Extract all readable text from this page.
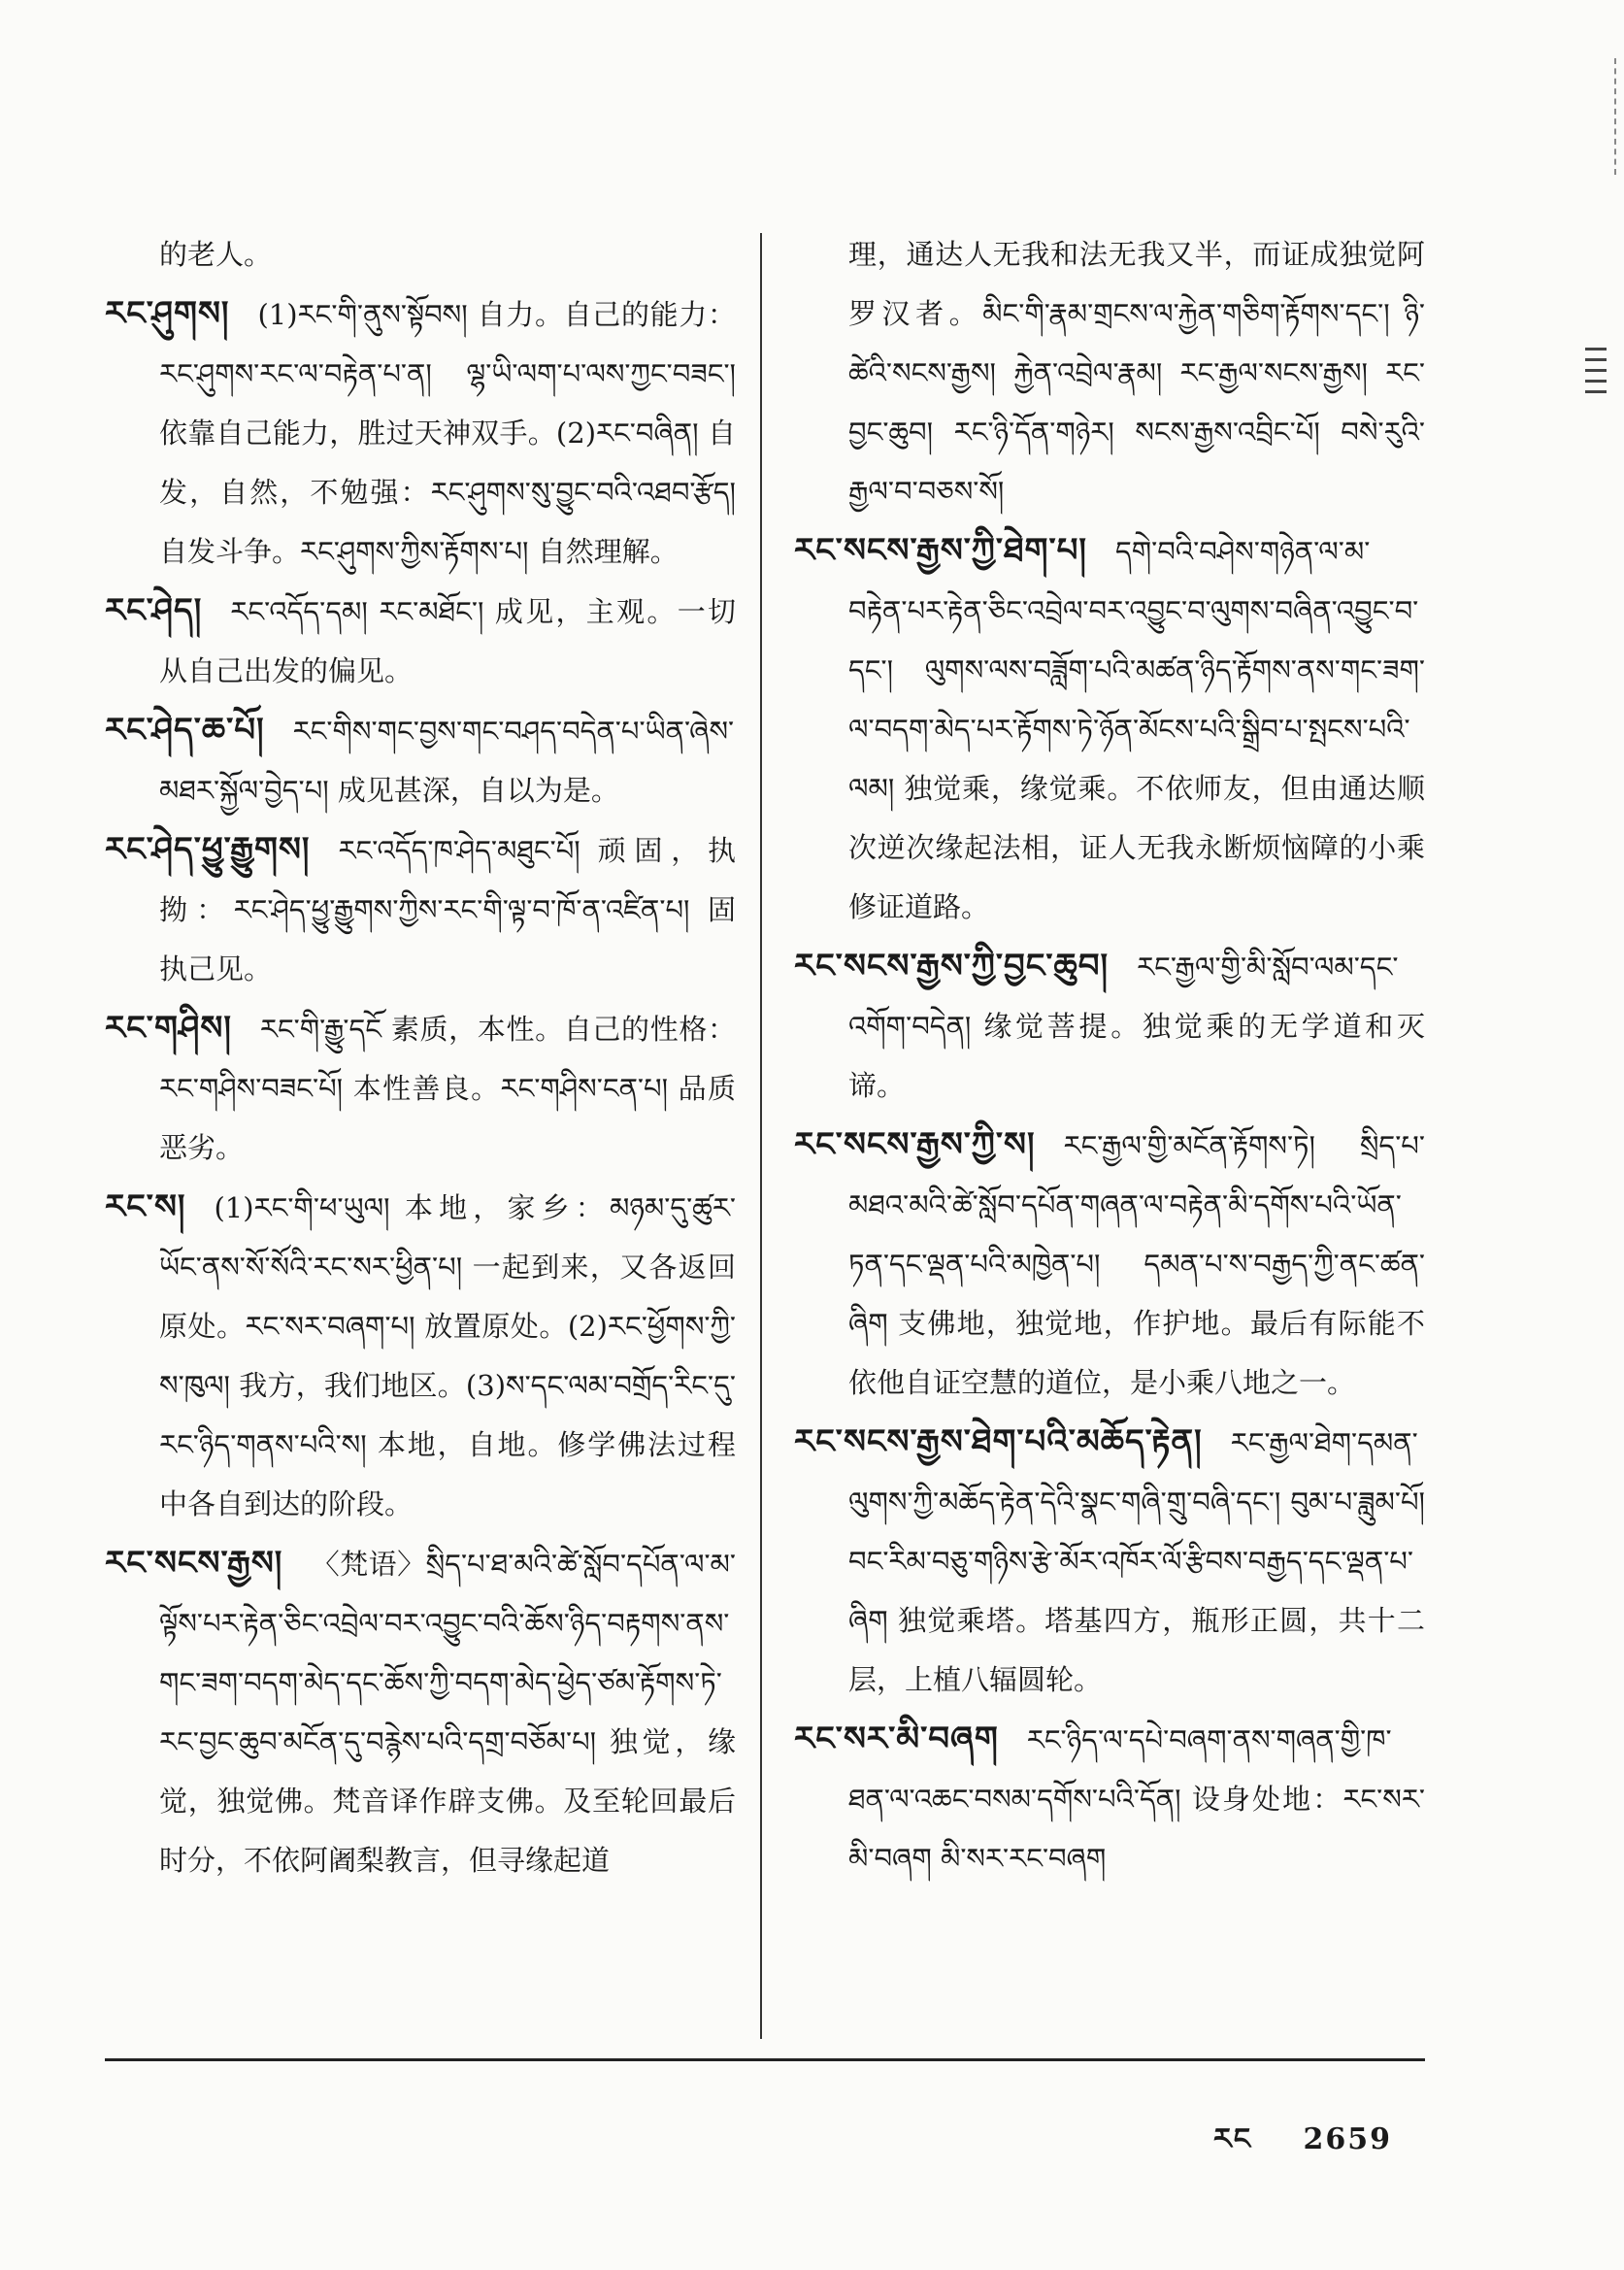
的老人。

རང་ཤུགས།  (1)རང་གི་ནུས་སྟོབས། 自力。自己的能力：རང་ཤུགས་རང་ལ་བརྟེན་པ་ན། ལྷ་ཡི་ལག་པ་ལས་ཀྱང་བཟང་། 依靠自己能力，胜过天神双手。(2)རང་བཞིན། 自发，自然，不勉强：རང་ཤུགས་སུ་བྱུང་བའི་འཐབ་རྩོད། 自发斗争。རང་ཤུགས་ཀྱིས་རྟོགས་པ། 自然理解。

རང་ཤེད།  རང་འདོད་དམ། རང་མཐོང་། 成见，主观。一切从自己出发的偏见。

རང་ཤེད་ཆ་པོ།  རང་གིས་གང་བྱས་གང་བཤད་བདེན་པ་ཡིན་ཞེས་མཐར་སྐྱོལ་བྱེད་པ། 成见甚深，自以为是。

རང་ཤེད་ཕྱུ་རྒྱུགས།  རང་འདོད་ཁ་ཤེད་མཐུང་པོ། 顽固，执拗：རང་ཤེད་ཕྱུ་རྒྱུགས་ཀྱིས་རང་གི་ལྟ་བ་ཁོ་ན་འཛིན་པ། 固执己见。

རང་གཤིས།  རང་གི་རྒྱུ་དངོ 素质，本性。自己的性格：རང་གཤིས་བཟང་པོ། 本性善良。རང་གཤིས་ངན་པ། 品质恶劣。

རང་ས།  (1)རང་གི་ཕ་ཡུལ། 本地，家乡：མཉམ་དུ་ཚུར་ཡོང་ནས་སོ་སོའི་རང་སར་ཕྱིན་པ། 一起到来，又各返回原处。རང་སར་བཞག་པ། 放置原处。(2)རང་ཕྱོགས་ཀྱི་ས་ཁུལ། 我方，我们地区。(3)ས་དང་ལམ་བགྲོད་རིང་དུ་རང་ཉིད་གནས་པའི་ས། 本地，自地。修学佛法过程中各自到达的阶段。

རང་སངས་རྒྱས།  〈梵语〉སྲིད་པ་ཐ་མའི་ཚེ་སློབ་དཔོན་ལ་མ་ལྟོས་པར་རྟེན་ཅིང་འབྲེལ་བར་འབྱུང་བའི་ཆོས་ཉིད་བརྟགས་ནས་གང་ཟག་བདག་མེད་དང་ཆོས་ཀྱི་བདག་མེད་ཕྱེད་ཙམ་རྟོགས་ཏེ་རང་བྱང་ཆུབ་མངོན་དུ་བརྙེས་པའི་དགྲ་བཅོམ་པ། 独觉，缘觉，独觉佛。梵音译作辟支佛。及至轮回最后时分，不依阿阇梨教言，但寻缘起道

理，通达人无我和法无我又半，而证成独觉阿罗汉者。མིང་གི་རྣམ་གྲངས་ལ་རྐྱེན་གཅིག་རྟོགས་དང་། ཉི་ཚེའི་སངས་རྒྱས། རྐྱེན་འབྲེལ་རྣམ། རང་རྒྱལ་སངས་རྒྱས། རང་བྱང་ཆུབ། རང་ཉི་དོན་གཉེར། སངས་རྒྱས་འབྲིང་པོ། བསེ་རུའི་རྒྱལ་བ་བཅས་སོ།

རང་སངས་རྒྱས་ཀྱི་ཐེག་པ།  དགེ་བའི་བཤེས་གཉེན་ལ་མ་བརྟེན་པར་རྟེན་ཅིང་འབྲེལ་བར་འབྱུང་བ་ལུགས་བཞིན་འབྱུང་བ་དང་། ལུགས་ལས་བཟློག་པའི་མཚན་ཉིད་རྟོགས་ནས་གང་ཟག་ལ་བདག་མེད་པར་རྟོགས་ཏེ་ཉོན་མོངས་པའི་སྒྲིབ་པ་སྤངས་པའི་ལམ། 独觉乘，缘觉乘。不依师友，但由通达顺次逆次缘起法相，证人无我永断烦恼障的小乘修证道路。

རང་སངས་རྒྱས་ཀྱི་བྱང་ཆུབ།  རང་རྒྱལ་གྱི་མི་སློབ་ལམ་དང་འགོག་བདེན། 缘觉菩提。独觉乘的无学道和灭谛。

རང་སངས་རྒྱས་ཀྱི་ས།  རང་རྒྱལ་གྱི་མངོན་རྟོགས་ཏེ། སྲིད་པ་མཐའ་མའི་ཚེ་སློབ་དཔོན་གཞན་ལ་བརྟེན་མི་དགོས་པའི་ཡོན་ཏན་དང་ལྡན་པའི་མཁྱེན་པ། དམན་པ་ས་བརྒྱད་ཀྱི་ནང་ཚན་ཞིག 支佛地，独觉地，作护地。最后有际能不依他自证空慧的道位，是小乘八地之一。

རང་སངས་རྒྱས་ཐེག་པའི་མཆོད་རྟེན།  རང་རྒྱལ་ཐེག་དམན་ལུགས་ཀྱི་མཆོད་རྟེན་དེའི་སྣང་གཞི་གྲུ་བཞི་དང་། བུམ་པ་ཟླུམ་པོ། བང་རིམ་བཅུ་གཉིས་རྩེ་མོར་འཁོར་ལོ་རྩིབས་བརྒྱད་དང་ལྡན་པ་ཞིག 独觉乘塔。塔基四方，瓶形正圆，共十二层，上植八辐圆轮。

རང་སར་མི་བཞག  རང་ཉིད་ལ་དཔེ་བཞག་ནས་གཞན་གྱི་ཁ་ཐན་ལ་འཆང་བསམ་དགོས་པའི་དོན། 设身处地：རང་སར་མི་བཞག མི་སར་རང་བཞག

རང 2659
